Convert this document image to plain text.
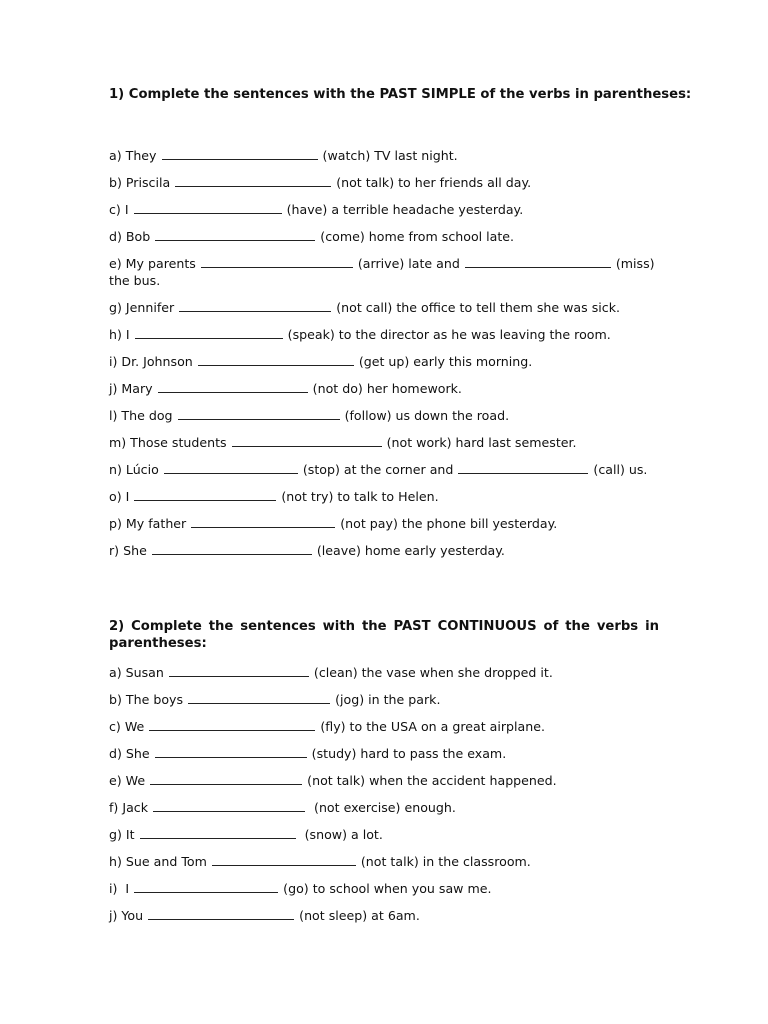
1) Complete the sentences with the PAST SIMPLE of the verbs in parentheses:

a) They	(watch) TV last night.
b) Priscila	(not talk) to her friends all day.
c) I	(have) a terrible headache yesterday.
d) Bob	(come) home from school late.
e) My parents	(arrive) late and	(miss) the bus.
g) Jennifer	(not call) the office to tell them she was sick.
h) I	(speak) to the director as he was leaving the room.
i) Dr. Johnson	(get up) early this morning.
j) Mary	(not do) her homework.
l) The dog	(follow) us down the road.
m) Those students	(not work) hard last semester.
n) Lúcio	(stop) at the corner and	(call) us.
o) I	(not try) to talk to Helen.
p) My father	(not pay) the phone bill yesterday.
r) She	(leave) home early yesterday.

2) Complete the sentences with the PAST CONTINUOUS of the verbs in parentheses:

a) Susan	(clean) the vase when she dropped it.
b) The boys	(jog) in the park.
c) We	(fly) to the USA on a great airplane.
d) She	(study) hard to pass the exam.
e) We	(not talk) when the accident happened.
f) Jack	(not exercise) enough.
g) It	(snow) a lot.
h) Sue and Tom	(not talk) in the classroom.
i)  I	(go) to school when you saw me.
j) You	(not sleep) at 6am.
